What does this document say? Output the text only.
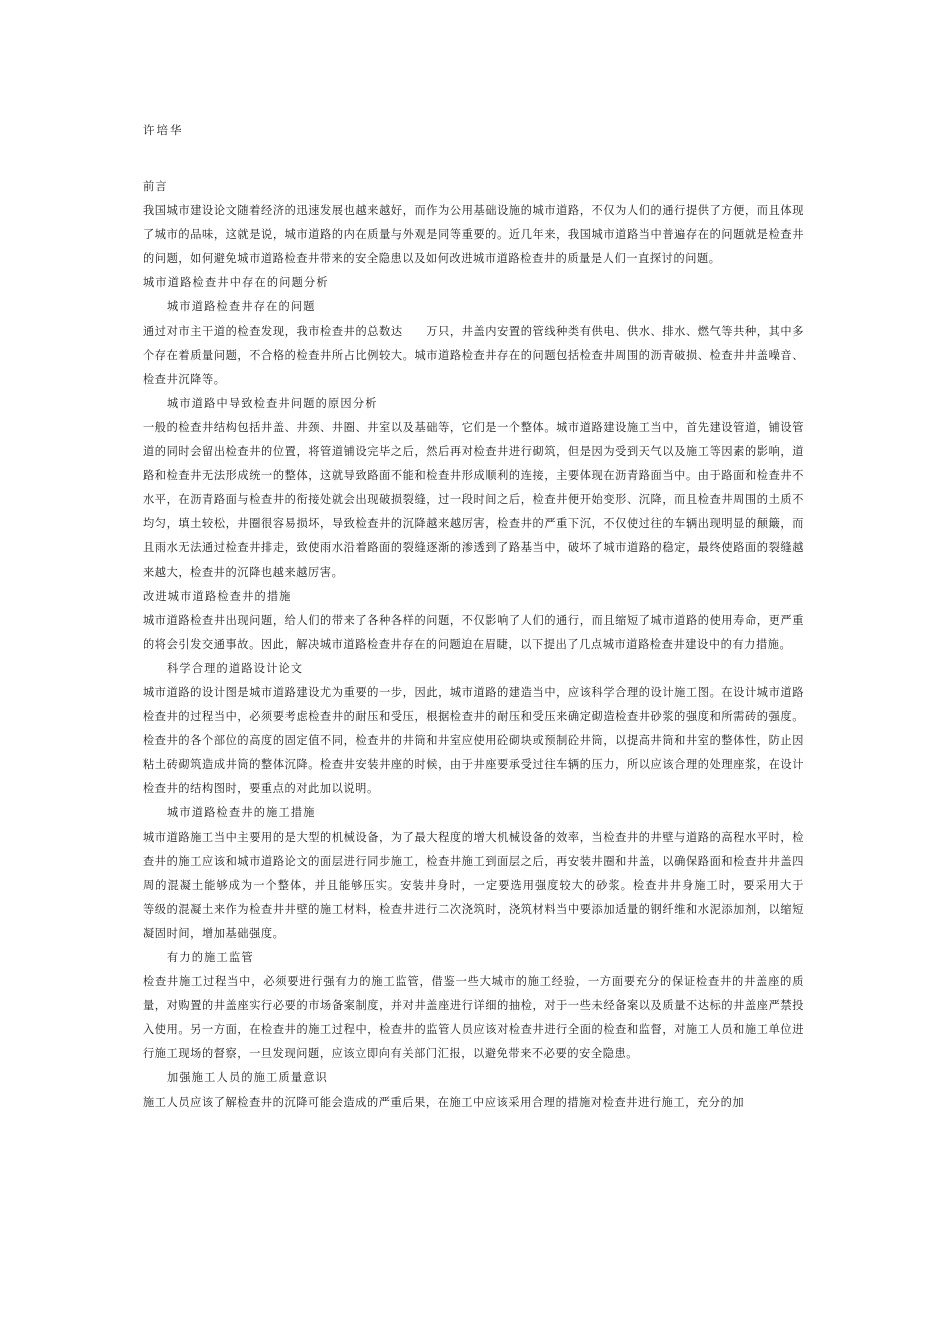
许培华
前言

我国城市建设论文随着经济的迅速发展也越来越好，而作为公用基础设施的城市道路，不仅为人们的通行提供了方便，而且体现了城市的品味，这就是说，城市道路的内在质量与外观是同等重要的。近几年来，我国城市道路当中普遍存在的问题就是检查井的问题，如何避免城市道路检查井带来的安全隐患以及如何改进城市道路检查井的质量是人们一直探讨的问题。

城市道路检查井中存在的问题分析
城市道路检查井存在的问题

通过对市主干道的检查发现，我市检查井的总数达　　万只，井盖内安置的管线种类有供电、供水、排水、燃气等共种，其中多个存在着质量问题，不合格的检查井所占比例较大。城市道路检查井存在的问题包括检查井周围的沥青破损、检查井井盖噪音、检查井沉降等。

城市道路中导致检查井问题的原因分析

一般的检查井结构包括井盖、井颈、井圈、井室以及基础等，它们是一个整体。城市道路建设施工当中，首先建设管道，铺设管道的同时会留出检查井的位置，将管道铺设完毕之后，然后再对检查井进行砌筑，但是因为受到天气以及施工等因素的影响，道路和检查井无法形成统一的整体，这就导致路面不能和检查井形成顺利的连接，主要体现在沥青路面当中。由于路面和检查井不水平，在沥青路面与检查井的衔接处就会出现破损裂缝，过一段时间之后，检查井便开始变形、沉降，而且检查井周围的土质不均匀，填土较松，井圈很容易损坏，导致检查井的沉降越来越厉害，检查井的严重下沉，不仅使过往的车辆出现明显的颠簸，而且雨水无法通过检查井排走，致使雨水沿着路面的裂缝逐渐的渗透到了路基当中，破坏了城市道路的稳定，最终使路面的裂缝越来越大，检查井的沉降也越来越厉害。

改进城市道路检查井的措施

城市道路检查井出现问题，给人们的带来了各种各样的问题，不仅影响了人们的通行，而且缩短了城市道路的使用寿命，更严重的将会引发交通事故。因此，解决城市道路检查井存在的问题迫在眉睫，以下提出了几点城市道路检查井建设中的有力措施。

科学合理的道路设计论文

城市道路的设计图是城市道路建设尤为重要的一步，因此，城市道路的建造当中，应该科学合理的设计施工图。在设计城市道路检查井的过程当中，必须要考虑检查井的耐压和受压，根据检查井的耐压和受压来确定砌造检查井砂浆的强度和所需砖的强度。检查井的各个部位的高度的固定值不同，检查井的井筒和井室应使用砼砌块或预制砼井筒，以提高井筒和井室的整体性，防止因粘土砖砌筑造成井筒的整体沉降。检查井安装井座的时候，由于井座要承受过往车辆的压力，所以应该合理的处理座浆，在设计检查井的结构图时，要重点的对此加以说明。

城市道路检查井的施工措施

城市道路施工当中主要用的是大型的机械设备，为了最大程度的增大机械设备的效率，当检查井的井壁与道路的高程水平时，检查井的施工应该和城市道路论文的面层进行同步施工，检查井施工到面层之后，再安装井圈和井盖，以确保路面和检查井井盖四周的混凝土能够成为一个整体，并且能够压实。安装井身时，一定要选用强度较大的砂浆。检查井井身施工时，要采用大于　　等级的混凝土来作为检查井井壁的施工材料，检查井进行二次浇筑时，浇筑材料当中要添加适量的钢纤维和水泥添加剂，以缩短凝固时间，增加基础强度。

有力的施工监管

检查井施工过程当中，必须要进行强有力的施工监管，借鉴一些大城市的施工经验，一方面要充分的保证检查井的井盖座的质量，对购置的井盖座实行必要的市场备案制度，并对井盖座进行详细的抽检，对于一些未经备案以及质量不达标的井盖座严禁投入使用。另一方面，在检查井的施工过程中，检查井的监管人员应该对检查井进行全面的检查和监督，对施工人员和施工单位进行施工现场的督察，一旦发现问题，应该立即向有关部门汇报，以避免带来不必要的安全隐患。

加强施工人员的施工质量意识

施工人员应该了解检查井的沉降可能会造成的严重后果，在施工中应该采用合理的措施对检查井进行施工，充分的加
